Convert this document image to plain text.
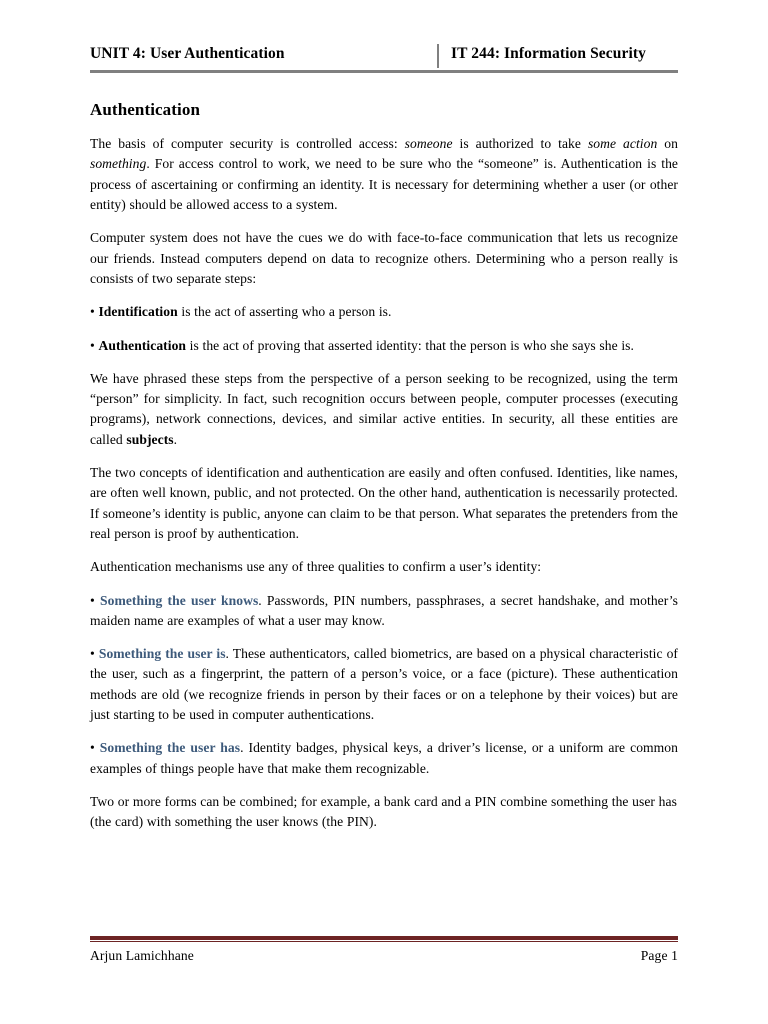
UNIT 4: User Authentication	IT 244: Information Security
Authentication

The basis of computer security is controlled access: someone is authorized to take some action on something. For access control to work, we need to be sure who the “someone” is. Authentication is the process of ascertaining or confirming an identity. It is necessary for determining whether a user (or other entity) should be allowed access to a system.

Computer system does not have the cues we do with face-to-face communication that lets us recognize our friends. Instead computers depend on data to recognize others. Determining who a person really is consists of two separate steps:

• Identification is the act of asserting who a person is.

• Authentication is the act of proving that asserted identity: that the person is who she says she is.

We have phrased these steps from the perspective of a person seeking to be recognized, using the term “person” for simplicity. In fact, such recognition occurs between people, computer processes (executing programs), network connections, devices, and similar active entities. In security, all these entities are called subjects.

The two concepts of identification and authentication are easily and often confused. Identities, like names, are often well known, public, and not protected. On the other hand, authentication is necessarily protected. If someone’s identity is public, anyone can claim to be that person. What separates the pretenders from the real person is proof by authentication.

Authentication mechanisms use any of three qualities to confirm a user’s identity:

• Something the user knows. Passwords, PIN numbers, passphrases, a secret handshake, and mother’s maiden name are examples of what a user may know.

• Something the user is. These authenticators, called biometrics, are based on a physical characteristic of the user, such as a fingerprint, the pattern of a person’s voice, or a face (picture). These authentication methods are old (we recognize friends in person by their faces or on a telephone by their voices) but are just starting to be used in computer authentications.

• Something the user has. Identity badges, physical keys, a driver’s license, or a uniform are common examples of things people have that make them recognizable.

Two or more forms can be combined; for example, a bank card and a PIN combine something the user has (the card) with something the user knows (the PIN).

Arjun Lamichhane	Page 1
